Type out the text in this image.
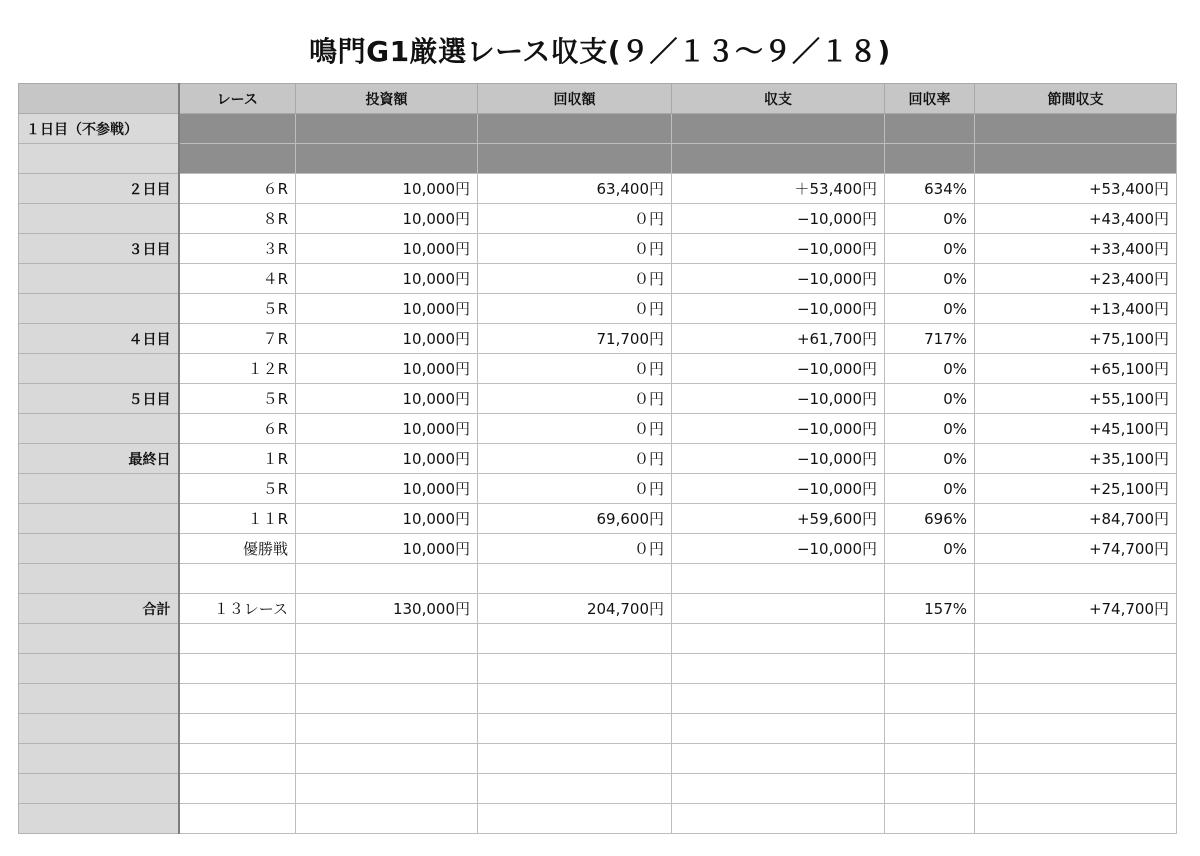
鳴門G1厳選レース収支(９／１３〜９／１８)
	レース	投資額	回収額	収支	回収率	節間収支
１日目（不参戦）						

２日目	６R	10,000円	63,400円	＋53,400円	634%	+53,400円
	８R	10,000円	０円	−10,000円	0%	+43,400円
３日目	３R	10,000円	０円	−10,000円	0%	+33,400円
	４R	10,000円	０円	−10,000円	0%	+23,400円
	５R	10,000円	０円	−10,000円	0%	+13,400円
４日目	７R	10,000円	71,700円	+61,700円	717%	+75,100円
	１２R	10,000円	０円	−10,000円	0%	+65,100円
５日目	５R	10,000円	０円	−10,000円	0%	+55,100円
	６R	10,000円	０円	−10,000円	0%	+45,100円
最終日	１R	10,000円	０円	−10,000円	0%	+35,100円
	５R	10,000円	０円	−10,000円	0%	+25,100円
	１１R	10,000円	69,600円	+59,600円	696%	+84,700円
	優勝戦	10,000円	０円	−10,000円	0%	+74,700円

合計	１３レース	130,000円	204,700円		157%	+74,700円
